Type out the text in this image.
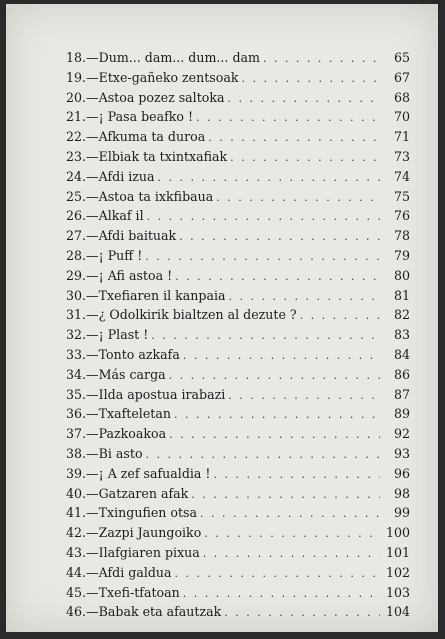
18. —Dum... dam... dum... dam . . .	65
19. —Etxe-gañeko zentsoak . . .	67
20. —Astoa pozez saltoka . . .	68
21. —¡ Pasa beafko ! . . .	70
22. —Afkuma ta duroa . . .	71
23. —Elbiak ta txintxafiak . . .	73
24. —Afdi izua . . .	74
25. —Astoa ta ixkfibaua . . .	75
26. —Alkaf il . . .	76
27. —Afdi baituak . . .	78
28. —¡ Puff ! . . .	79
29. —¡ Afi astoa ! . . .	80
30. —Txefiaren il kanpaia . . .	81
31. —¿ Odolkirik bialtzen al dezute ? . . .	82
32. —¡ Plast ! . . .	83
33. —Tonto azkafa . . .	84
34. —Más carga . . .	86
35. —Ilda apostua irabazi . . .	87
36. —Txafteletan . . .	89
37. —Pazkoakoa . . .	92
38. —Bi asto . . .	93
39. —¡ A zef safualdia ! . . .	96
40. —Gatzaren afak . . .	98
41. —Txingufien otsa . . .	99
42. —Zazpi Jaungoiko . . .	100
43. —Ilafgiaren pixua . . .	101
44. —Afdi galdua . . .	102
45. —Txefi-tfatoan . . .	103
46. —Babak eta afautzak . . .	104
